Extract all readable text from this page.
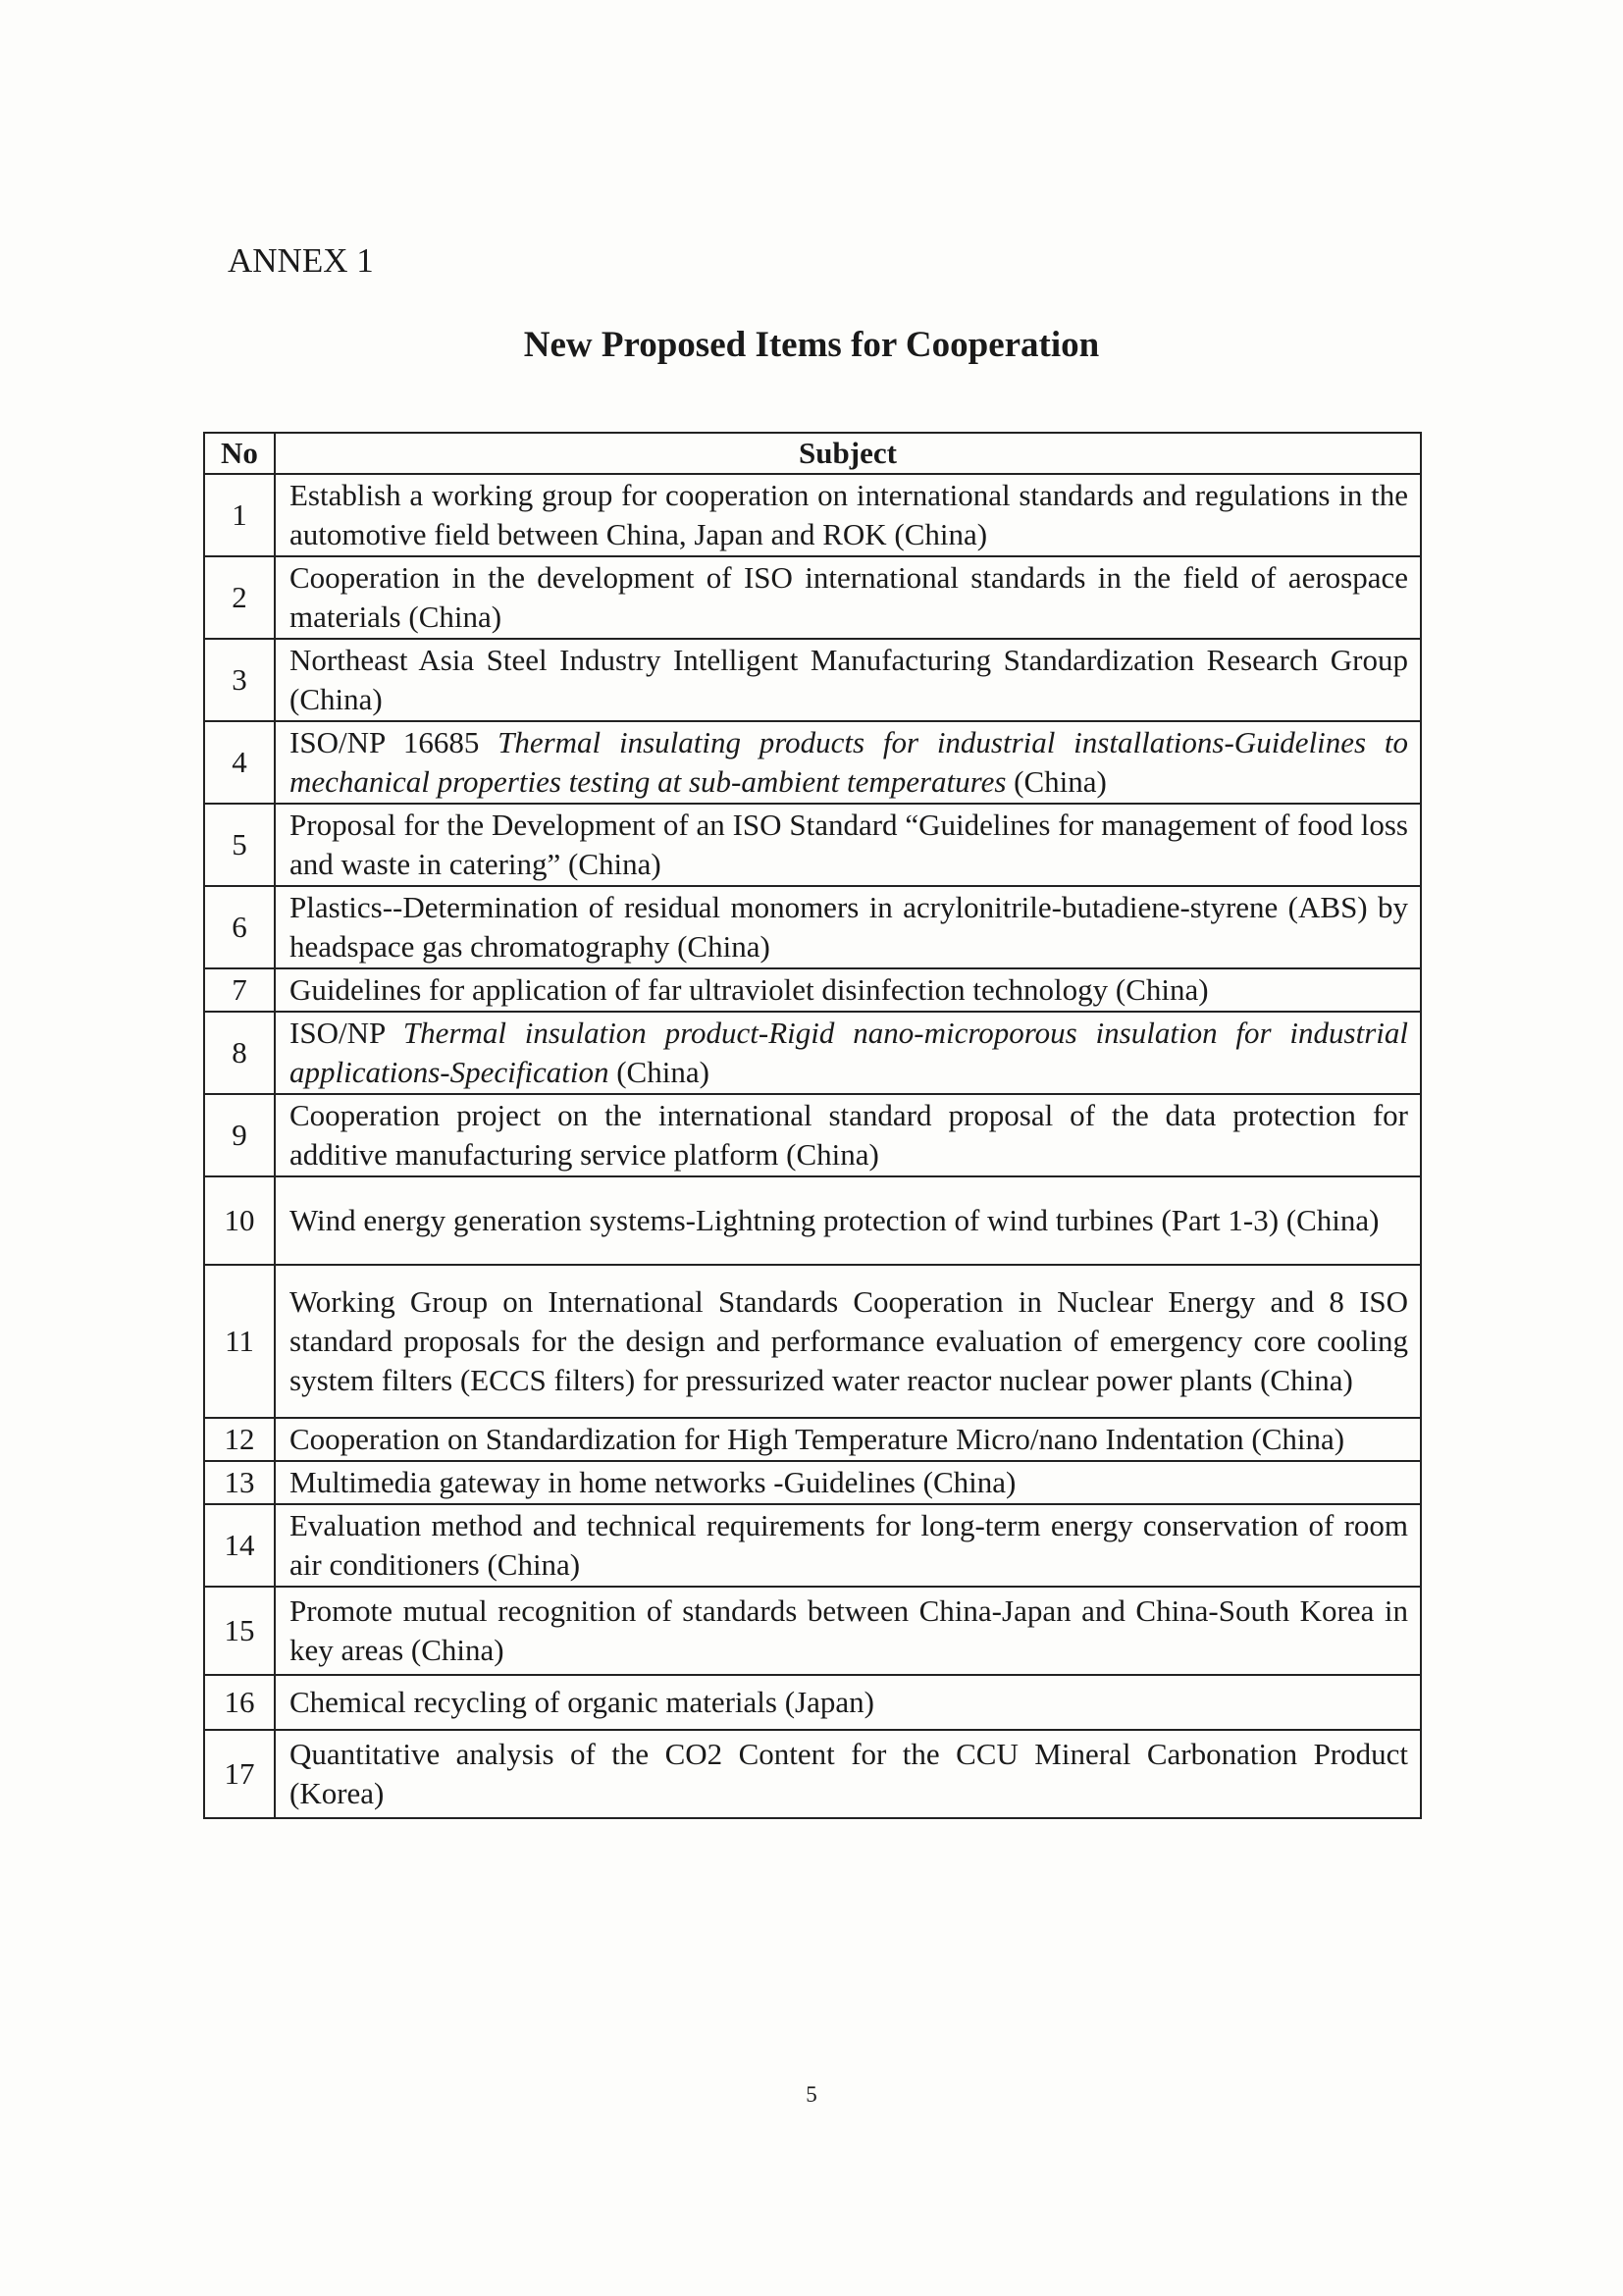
ANNEX 1
New Proposed Items for Cooperation
No	Subject
1	Establish a working group for cooperation on international standards and regulations in the automotive field between China, Japan and ROK (China)
2	Cooperation in the development of ISO international standards in the field of aerospace materials (China)
3	Northeast Asia Steel Industry Intelligent Manufacturing Standardization Research Group (China)
4	ISO/NP 16685 Thermal insulating products for industrial installations-Guidelines to mechanical properties testing at sub-ambient temperatures (China)
5	Proposal for the Development of an ISO Standard “Guidelines for management of food loss and waste in catering” (China)
6	Plastics--Determination of residual monomers in acrylonitrile-butadiene-styrene (ABS) by headspace gas chromatography (China)
7	Guidelines for application of far ultraviolet disinfection technology (China)
8	ISO/NP Thermal insulation product-Rigid nano-microporous insulation for industrial applications-Specification (China)
9	Cooperation project on the international standard proposal of the data protection for additive manufacturing service platform (China)
10	Wind energy generation systems-Lightning protection of wind turbines (Part 1-3) (China)
11	Working Group on International Standards Cooperation in Nuclear Energy and 8 ISO standard proposals for the design and performance evaluation of emergency core cooling system filters (ECCS filters) for pressurized water reactor nuclear power plants (China)
12	Cooperation on Standardization for High Temperature Micro/nano Indentation (China)
13	Multimedia gateway in home networks -Guidelines (China)
14	Evaluation method and technical requirements for long-term energy conservation of room air conditioners (China)
15	Promote mutual recognition of standards between China-Japan and China-South Korea in key areas (China)
16	Chemical recycling of organic materials (Japan)
17	Quantitative analysis of the CO2 Content for the CCU Mineral Carbonation Product (Korea)
5
